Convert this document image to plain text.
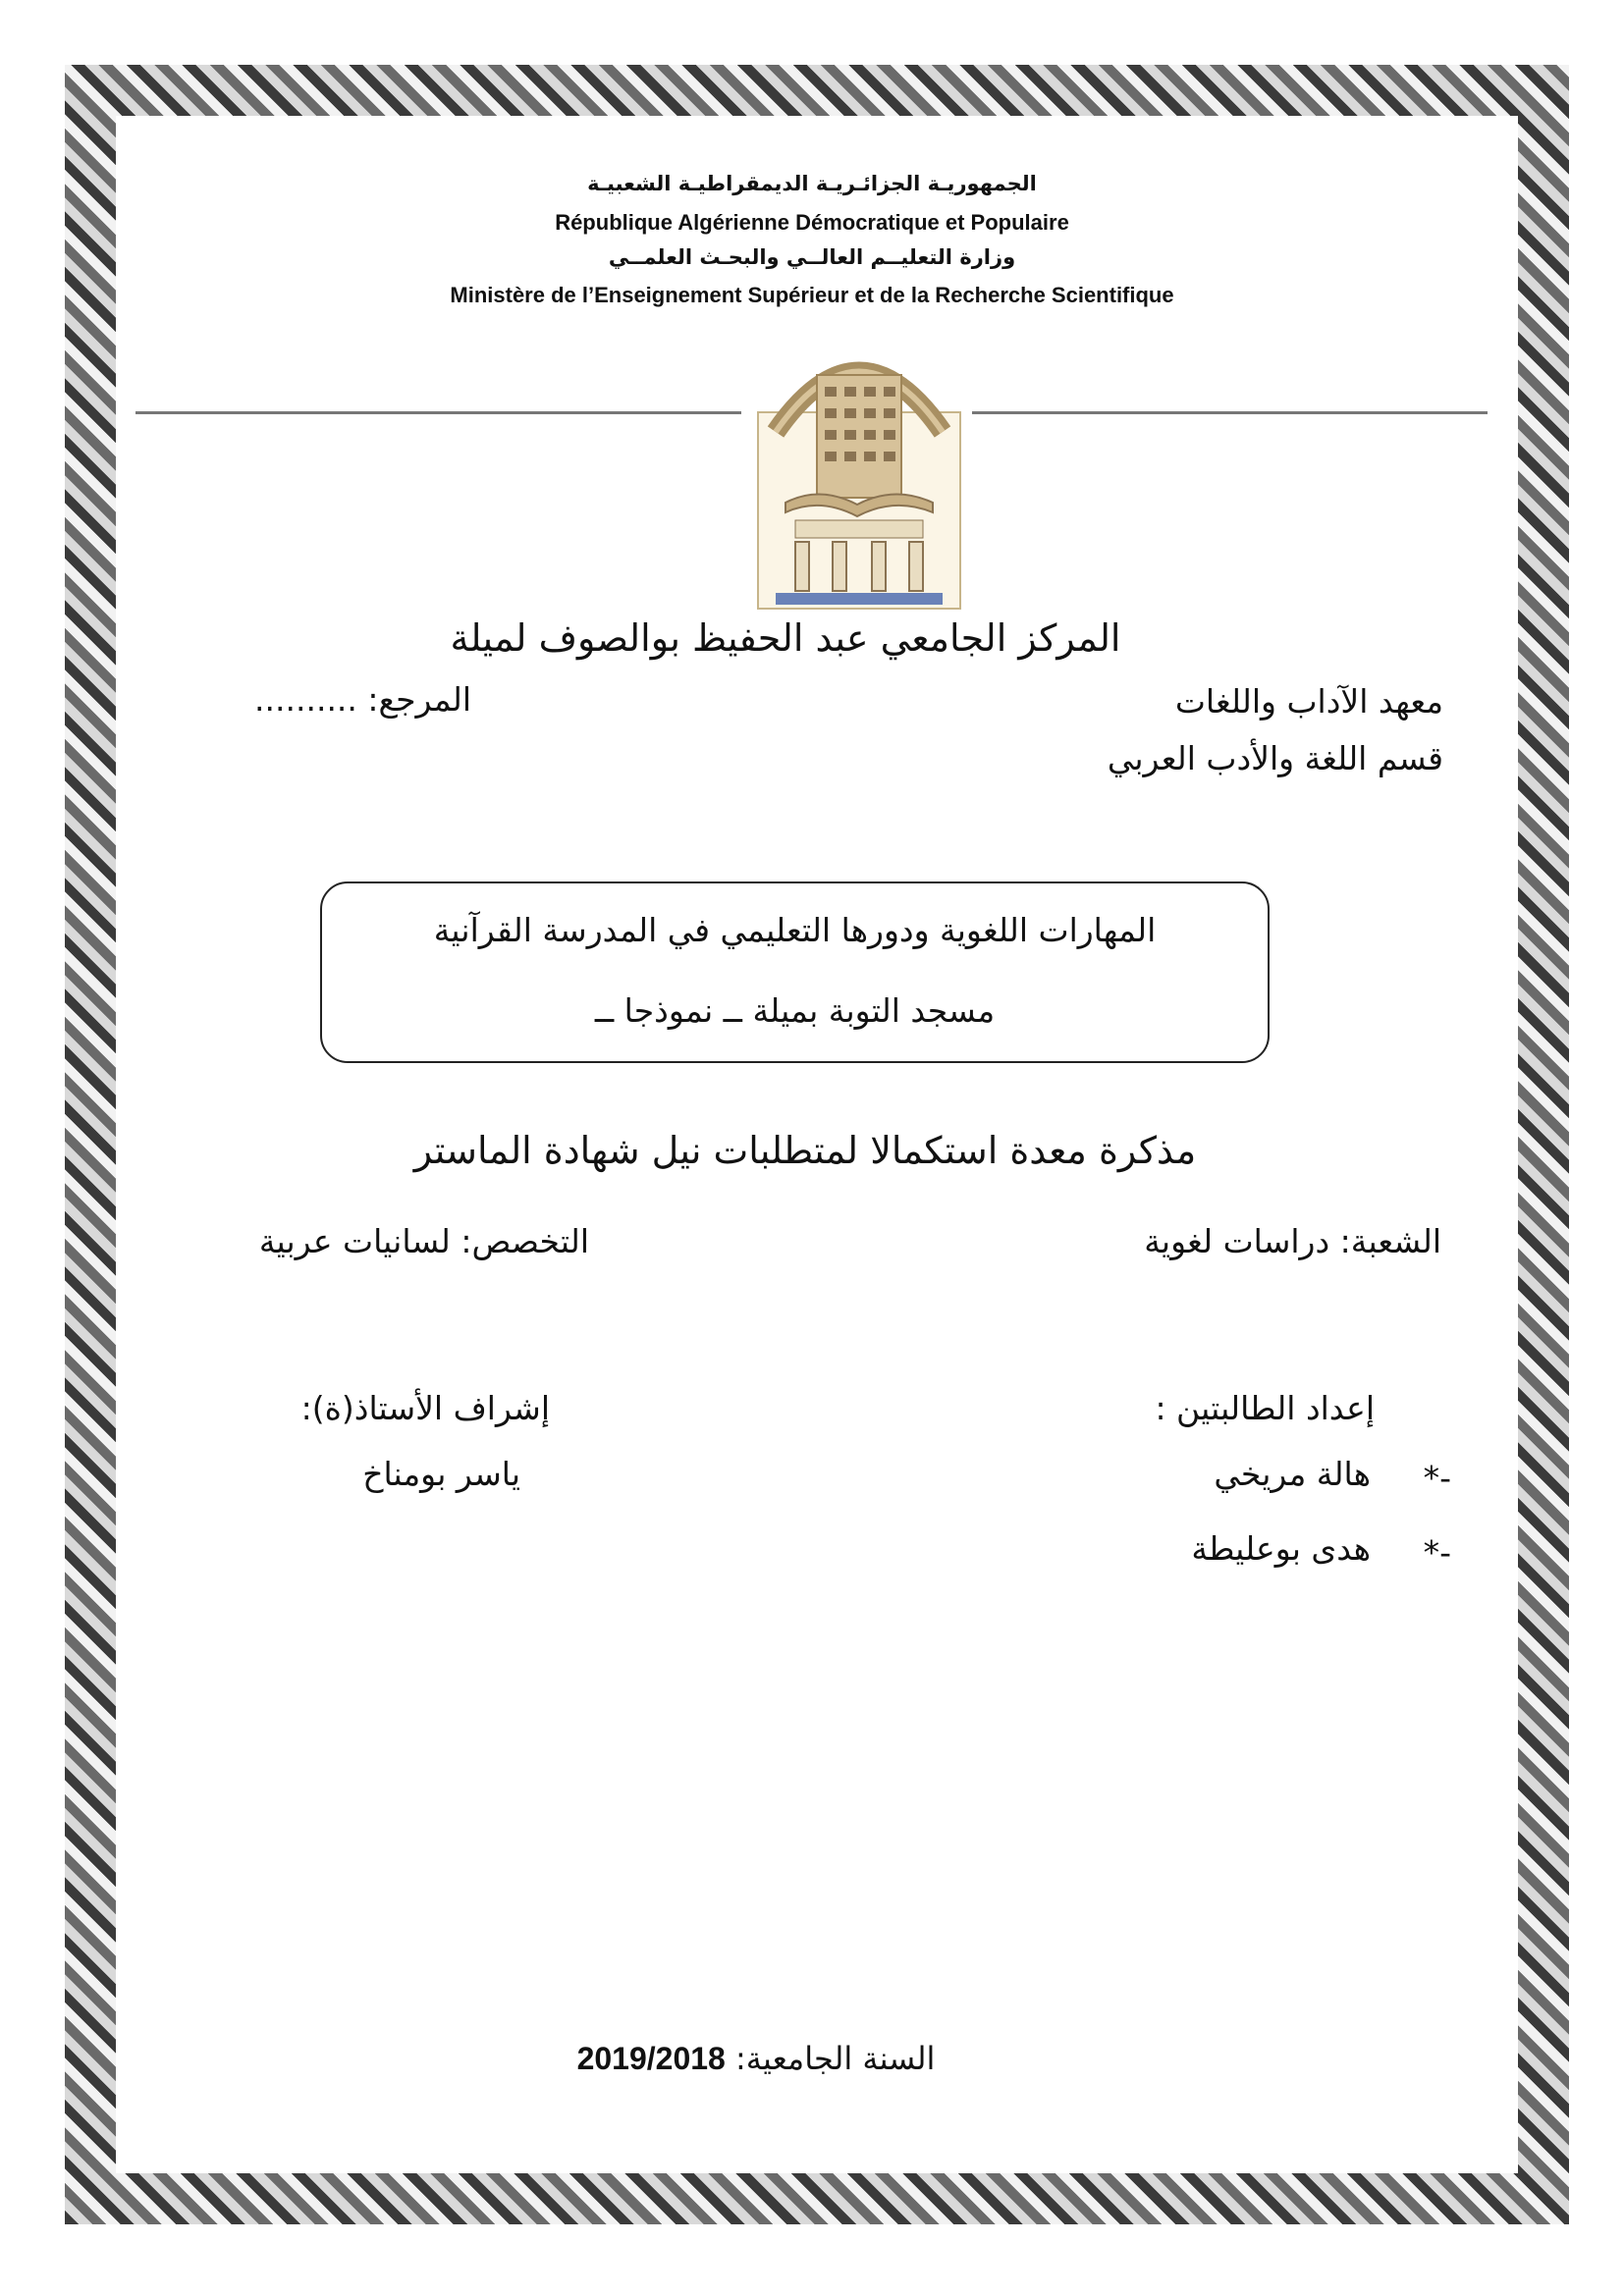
الجمهوريـة الجزائـريـة الديمقراطيـة الشعبيـة
République Algérienne Démocratique et Populaire
وزارة التعليــم العالــي والبحـث العلمــي
Ministère de l’Enseignement Supérieur et de la Recherche Scientifique
المركز الجامعي عبد الحفيظ بوالصوف لميلة
معهد الآداب واللغات
المرجع: ..........
قسم اللغة والأدب العربي
المهارات اللغوية ودورها التعليمي في المدرسة القرآنية
مسجد التوبة بميلة ــ نموذجا ــ
مذكرة معدة استكمالا لمتطلبات نيل شهادة الماستر
الشعبة: دراسات لغوية
التخصص: لسانيات عربية
إعداد الطالبتين :
إشراف الأستاذ(ة):
*-
هالة مريخي
ياسر بومناخ
*-
هدى بوعليطة
السنة الجامعية: 2019/2018
